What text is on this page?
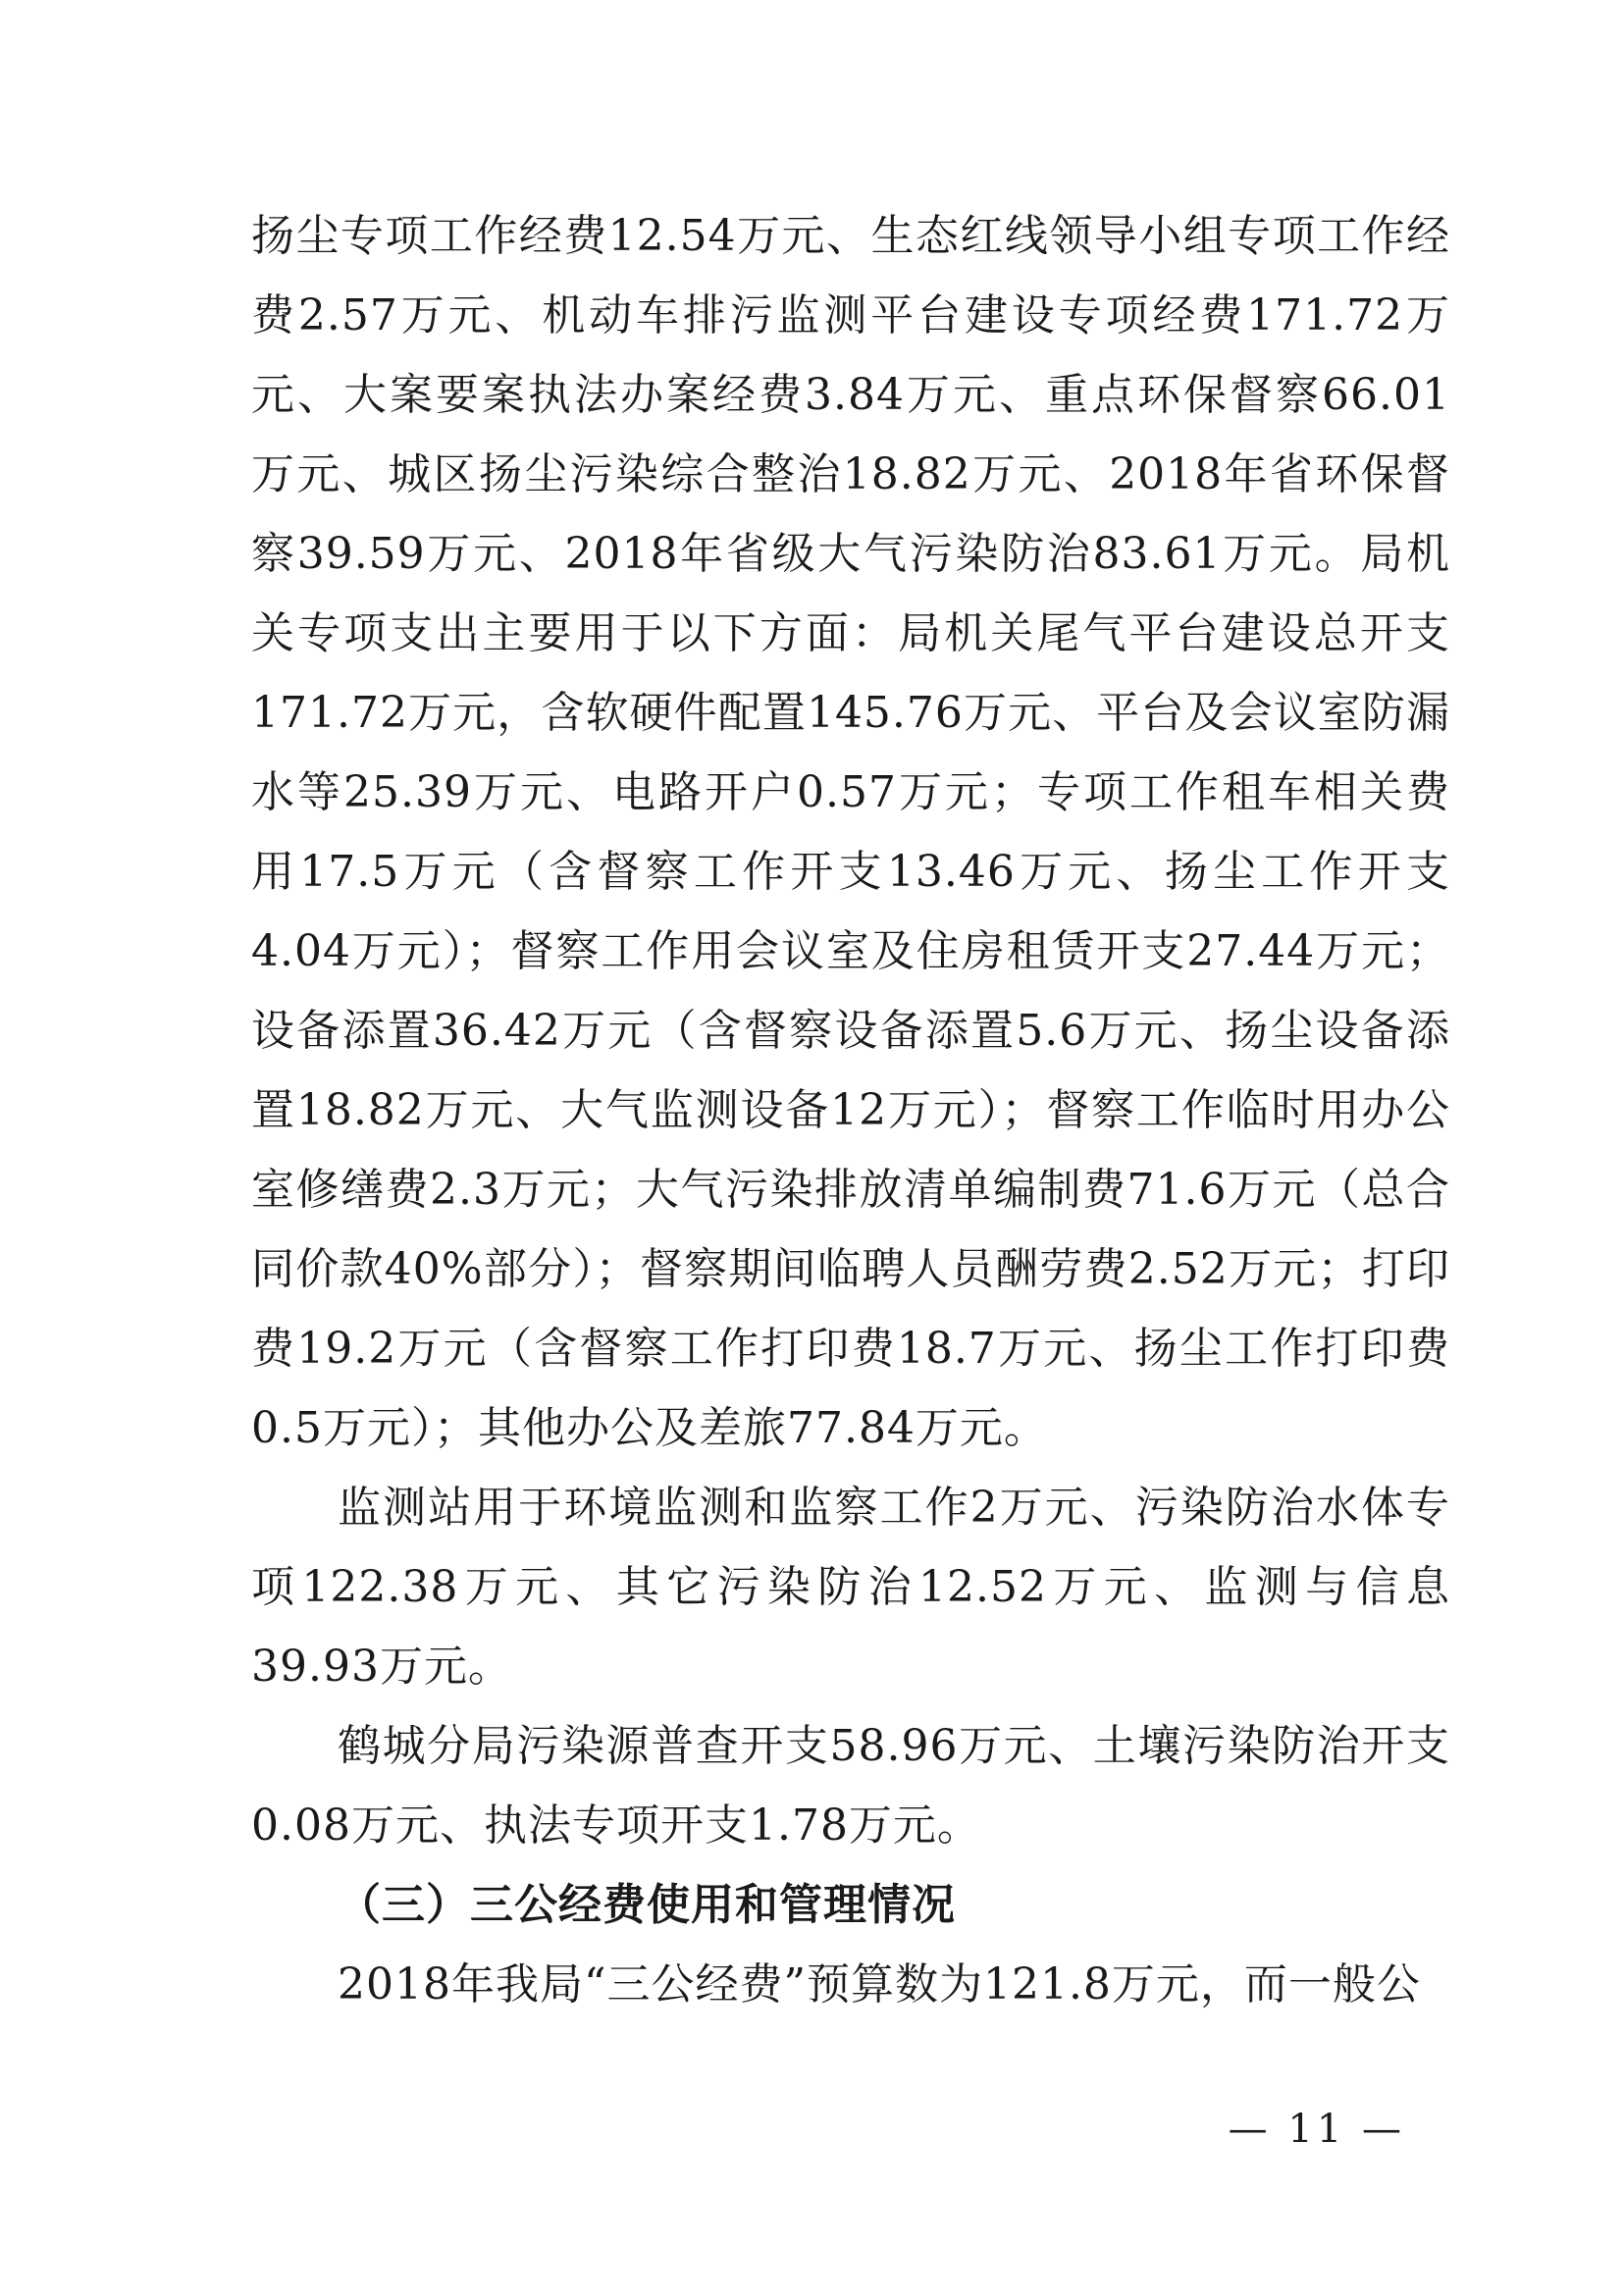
扬尘专项工作经费12.54万元、生态红线领导小组专项工作经费2.57万元、机动车排污监测平台建设专项经费171.72万元、大案要案执法办案经费3.84万元、重点环保督察66.01万元、城区扬尘污染综合整治18.82万元、2018年省环保督察39.59万元、2018年省级大气污染防治83.61万元。局机关专项支出主要用于以下方面：局机关尾气平台建设总开支171.72万元，含软硬件配置145.76万元、平台及会议室防漏水等25.39万元、电路开户0.57万元；专项工作租车相关费用17.5万元（含督察工作开支13.46万元、扬尘工作开支4.04万元）；督察工作用会议室及住房租赁开支27.44万元；设备添置36.42万元（含督察设备添置5.6万元、扬尘设备添置18.82万元、大气监测设备12万元）；督察工作临时用办公室修缮费2.3万元；大气污染排放清单编制费71.6万元（总合同价款40%部分）；督察期间临聘人员酬劳费2.52万元；打印费19.2万元（含督察工作打印费18.7万元、扬尘工作打印费0.5万元）；其他办公及差旅77.84万元。

监测站用于环境监测和监察工作2万元、污染防治水体专项122.38万元、其它污染防治12.52万元、监测与信息39.93万元。

鹤城分局污染源普查开支58.96万元、土壤污染防治开支0.08万元、执法专项开支1.78万元。

（三）三公经费使用和管理情况

2018年我局“三公经费”预算数为121.8万元，而一般公

— 11 —
